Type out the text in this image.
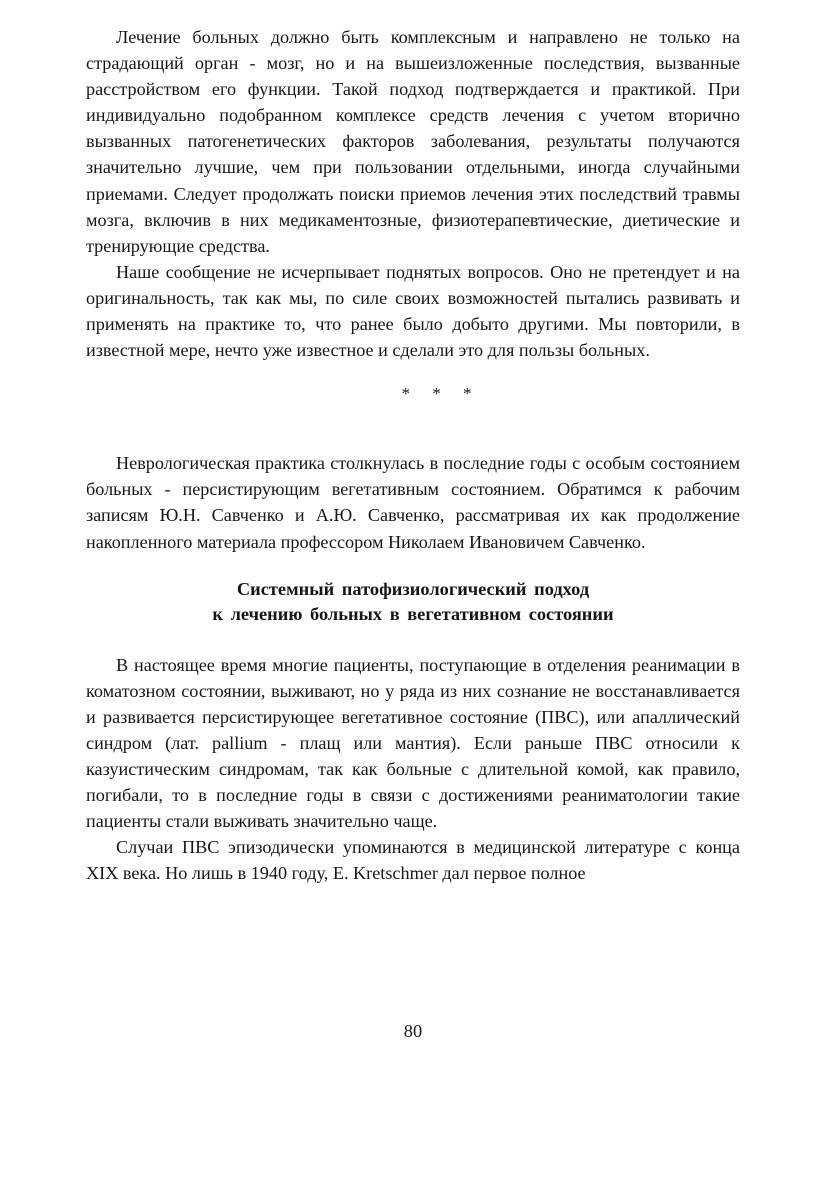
Лечение больных должно быть комплексным и направлено не только на страдающий орган - мозг, но и на вышеизложенные последствия, вызванные расстройством его функции. Такой подход подтверждается и практикой. При индивидуально подобранном комплексе средств лечения с учетом вторично вызванных патогенетических факторов заболевания, результаты получаются значительно лучшие, чем при пользовании отдельными, иногда случайными приемами. Следует продолжать поиски приемов лечения этих последствий травмы мозга, включив в них медикаментозные, физиотерапевтические, диетические и тренирующие средства.

Наше сообщение не исчерпывает поднятых вопросов. Оно не претендует и на оригинальность, так как мы, по силе своих возможностей пытались развивать и применять на практике то, что ранее было добыто другими. Мы повторили, в известной мере, нечто уже известное и сделали это для пользы больных.

* * *

Неврологическая практика столкнулась в последние годы с особым состоянием больных - персистирующим вегетативным состоянием. Обратимся к рабочим записям Ю.Н. Савченко и А.Ю. Савченко, рассматривая их как продолжение накопленного материала профессором Николаем Ивановичем Савченко.

Системный патофизиологический подход
к лечению больных в вегетативном состоянии

В настоящее время многие пациенты, поступающие в отделения реанимации в коматозном состоянии, выживают, но у ряда из них сознание не восстанавливается и развивается персистирующее вегетативное состояние (ПВС), или апаллический синдром (лат. pallium - плащ или мантия). Если раньше ПВС относили к казуистическим синдромам, так как больные с длительной комой, как правило, погибали, то в последние годы в связи с достижениями реаниматологии такие пациенты стали выживать значительно чаще.

Случаи ПВС эпизодически упоминаются в медицинской литературе с конца XIX века. Но лишь в 1940 году, E. Kretschmer дал первое полное

80
